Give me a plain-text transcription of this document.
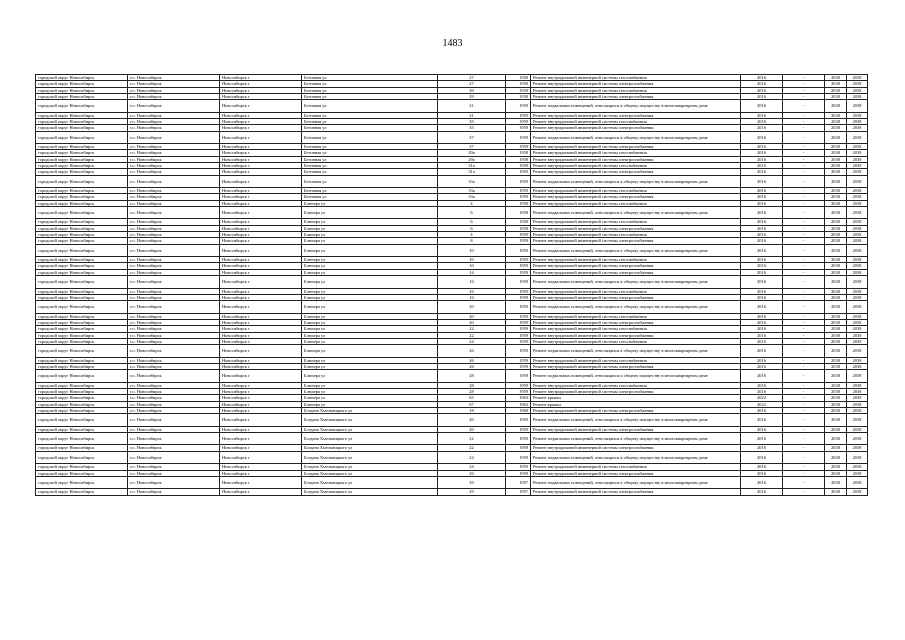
1483
городской округ Новосибирск	г.о. Новосибирск	Новосибирск г	Бетонная ул	27	1958	Ремонт внутридомовой инженерной системы газоснабжения	2016	-	2038	2038
городской округ Новосибирск	г.о. Новосибирск	Новосибирск г	Бетонная ул	27	1958	Ремонт внутридомовой инженерной системы электроснабжения	2016	-	2038	2038
городской округ Новосибирск	г.о. Новосибирск	Новосибирск г	Бетонная ул	29	1958	Ремонт внутридомовой инженерной системы газоснабжения	2016	-	2038	2038
городской округ Новосибирск	г.о. Новосибирск	Новосибирск г	Бетонная ул	29	1958	Ремонт внутридомовой инженерной системы электроснабжения	2016	-	2038	2038
городской округ Новосибирск	г.о. Новосибирск	Новосибирск г	Бетонная ул	31	1959	Ремонт подвальных помещений, относящихся к общему имуществу в многоквартирном доме	2016	-	2038	2038
городской округ Новосибирск	г.о. Новосибирск	Новосибирск г	Бетонная ул	31	1959	Ремонт внутридомовой инженерной системы электроснабжения	2016	-	2038	2038
городской округ Новосибирск	г.о. Новосибирск	Новосибирск г	Бетонная ул	35	1959	Ремонт внутридомовой инженерной системы газоснабжения	2016	-	2038	2038
городской округ Новосибирск	г.о. Новосибирск	Новосибирск г	Бетонная ул	35	1959	Ремонт внутридомовой инженерной системы электроснабжения	2016	-	2038	2038
городской округ Новосибирск	г.о. Новосибирск	Новосибирск г	Бетонная ул	37	1959	Ремонт подвальных помещений, относящихся к общему имуществу в многоквартирном доме	2016	-	2038	2038
городской округ Новосибирск	г.о. Новосибирск	Новосибирск г	Бетонная ул	37	1959	Ремонт внутридомовой инженерной системы электроснабжения	2016	-	2038	2038
городской округ Новосибирск	г.о. Новосибирск	Новосибирск г	Бетонная ул	29а	1958	Ремонт внутридомовой инженерной системы газоснабжения	2016	-	2038	2038
городской округ Новосибирск	г.о. Новосибирск	Новосибирск г	Бетонная ул	29а	1958	Ремонт внутридомовой инженерной системы электроснабжения	2016	-	2038	2038
городской округ Новосибирск	г.о. Новосибирск	Новосибирск г	Бетонная ул	31а	1959	Ремонт внутридомовой инженерной системы газоснабжения	2016	-	2038	2038
городской округ Новосибирск	г.о. Новосибирск	Новосибирск г	Бетонная ул	31а	1959	Ремонт внутридомовой инженерной системы электроснабжения	2016	-	2038	2038
городской округ Новосибирск	г.о. Новосибирск	Новосибирск г	Бетонная ул	33а	1959	Ремонт подвальных помещений, относящихся к общему имуществу в многоквартирном доме	2016	-	2038	2038
городской округ Новосибирск	г.о. Новосибирск	Новосибирск г	Бетонная ул	33а	1959	Ремонт внутридомовой инженерной системы газоснабжения	2016	-	2038	2038
городской округ Новосибирск	г.о. Новосибирск	Новосибирск г	Бетонная ул	33а	1959	Ремонт внутридомовой инженерной системы электроснабжения	2016	-	2038	2038
городской округ Новосибирск	г.о. Новосибирск	Новосибирск г	Блюхера ул	4	1958	Ремонт внутридомовой инженерной системы газоснабжения	2016	-	2038	2038
городской округ Новосибирск	г.о. Новосибирск	Новосибирск г	Блюхера ул	6	1958	Ремонт подвальных помещений, относящихся к общему имуществу в многоквартирном доме	2016	-	2038	2038
городской округ Новосибирск	г.о. Новосибирск	Новосибирск г	Блюхера ул	6	1958	Ремонт внутридомовой инженерной системы газоснабжения	2016	-	2038	2038
городской округ Новосибирск	г.о. Новосибирск	Новосибирск г	Блюхера ул	6	1958	Ремонт внутридомовой инженерной системы электроснабжения	2016	-	2038	2038
городской округ Новосибирск	г.о. Новосибирск	Новосибирск г	Блюхера ул	4	1959	Ремонт внутридомовой инженерной системы газоснабжения	2016	-	2038	2038
городской округ Новосибирск	г.о. Новосибирск	Новосибирск г	Блюхера ул	8	1959	Ремонт внутридомовой инженерной системы электроснабжения	2016	-	2038	2038
городской округ Новосибирск	г.о. Новосибирск	Новосибирск г	Блюхера ул	10	1959	Ремонт подвальных помещений, относящихся к общему имуществу в многоквартирном доме	2016	-	2038	2038
городской округ Новосибирск	г.о. Новосибирск	Новосибирск г	Блюхера ул	10	1959	Ремонт внутридомовой инженерной системы газоснабжения	2016	-	2038	2038
городской округ Новосибирск	г.о. Новосибирск	Новосибирск г	Блюхера ул	10	1959	Ремонт внутридомовой инженерной системы электроснабжения	2016	-	2038	2038
городской округ Новосибирск	г.о. Новосибирск	Новосибирск г	Блюхера ул	14	1959	Ремонт внутридомовой инженерной системы электроснабжения	2016	-	2038	2038
городской округ Новосибирск	г.о. Новосибирск	Новосибирск г	Блюхера ул	16	1959	Ремонт подвальных помещений, относящихся к общему имуществу в многоквартирном доме	2016	-	2038	2038
городской округ Новосибирск	г.о. Новосибирск	Новосибирск г	Блюхера ул	16	1959	Ремонт внутридомовой инженерной системы газоснабжения	2016	-	2038	2038
городской округ Новосибирск	г.о. Новосибирск	Новосибирск г	Блюхера ул	16	1959	Ремонт внутридомовой инженерной системы электроснабжения	2016	-	2038	2038
городской округ Новосибирск	г.о. Новосибирск	Новосибирск г	Блюхера ул	20	1959	Ремонт подвальных помещений, относящихся к общему имуществу в многоквартирном доме	2016	-	2038	2038
городской округ Новосибирск	г.о. Новосибирск	Новосибирск г	Блюхера ул	20	1959	Ремонт внутридомовой инженерной системы газоснабжения	2016	-	2038	2038
городской округ Новосибирск	г.о. Новосибирск	Новосибирск г	Блюхера ул	20	1959	Ремонт внутридомовой инженерной системы электроснабжения	2016	-	2038	2038
городской округ Новосибирск	г.о. Новосибирск	Новосибирск г	Блюхера ул	22	1959	Ремонт внутридомовой инженерной системы газоснабжения	2016	-	2038	2038
городской округ Новосибирск	г.о. Новосибирск	Новосибирск г	Блюхера ул	22	1959	Ремонт внутридомовой инженерной системы электроснабжения	2016	-	2038	2038
городской округ Новосибирск	г.о. Новосибирск	Новосибирск г	Блюхера ул	24	1959	Ремонт внутридомовой инженерной системы газоснабжения	2016	-	2038	2038
городской округ Новосибирск	г.о. Новосибирск	Новосибирск г	Блюхера ул	26	1959	Ремонт подвальных помещений, относящихся к общему имуществу в многоквартирном доме	2016	-	2038	2038
городской округ Новосибирск	г.о. Новосибирск	Новосибирск г	Блюхера ул	26	1959	Ремонт внутридомовой инженерной системы газоснабжения	2016	-	2038	2038
городской округ Новосибирск	г.о. Новосибирск	Новосибирск г	Блюхера ул	26	1959	Ремонт внутридомовой инженерной системы электроснабжения	2016	-	2038	2038
городской округ Новосибирск	г.о. Новосибирск	Новосибирск г	Блюхера ул	28	1959	Ремонт подвальных помещений, относящихся к общему имуществу в многоквартирном доме	2016	-	2038	2038
городской округ Новосибирск	г.о. Новосибирск	Новосибирск г	Блюхера ул	28	1959	Ремонт внутридомовой инженерной системы газоснабжения	2016	-	2038	2038
городской округ Новосибирск	г.о. Новосибирск	Новосибирск г	Блюхера ул	28	1959	Ремонт внутридомовой инженерной системы электроснабжения	2016	-	2038	2038
городской округ Новосибирск	г.о. Новосибирск	Новосибирск г	Блюхера ул	65	1963	Ремонт крыши	2022	-	2038	2038
городской округ Новосибирск	г.о. Новосибирск	Новосибирск г	Блюхера ул	67	1963	Ремонт крыши	2022	-	2038	2038
городской округ Новосибирск	г.о. Новосибирск	Новосибирск г	Богдана Хмельницкого ул	18	1960	Ремонт внутридомовой инженерной системы электроснабжения	2016	-	2038	2038
городской округ Новосибирск	г.о. Новосибирск	Новосибирск г	Богдана Хмельницкого ул	20	1959	Ремонт подвальных помещений, относящихся к общему имуществу в многоквартирном доме	2016	-	2038	2038
городской округ Новосибирск	г.о. Новосибирск	Новосибирск г	Богдана Хмельницкого ул	20	1959	Ремонт внутридомовой инженерной системы электроснабжения	2016	-	2038	2038
городской округ Новосибирск	г.о. Новосибирск	Новосибирск г	Богдана Хмельницкого ул	22	1959	Ремонт подвальных помещений, относящихся к общему имуществу в многоквартирном доме	2016	-	2038	2038
городской округ Новосибирск	г.о. Новосибирск	Новосибирск г	Богдана Хмельницкого ул	22	1959	Ремонт внутридомовой инженерной системы электроснабжения	2016	-	2038	2038
городской округ Новосибирск	г.о. Новосибирск	Новосибирск г	Богдана Хмельницкого ул	24	1959	Ремонт подвальных помещений, относящихся к общему имуществу в многоквартирном доме	2016	-	2038	2038
городской округ Новосибирск	г.о. Новосибирск	Новосибирск г	Богдана Хмельницкого ул	24	1959	Ремонт внутридомовой инженерной системы газоснабжения	2016	-	2038	2038
городской округ Новосибирск	г.о. Новосибирск	Новосибирск г	Богдана Хмельницкого ул	26	1959	Ремонт внутридомовой инженерной системы электроснабжения	2016	-	2038	2038
городской округ Новосибирск	г.о. Новосибирск	Новосибирск г	Богдана Хмельницкого ул	29	1957	Ремонт подвальных помещений, относящихся к общему имуществу в многоквартирном доме	2016	-	2038	2038
городской округ Новосибирск	г.о. Новосибирск	Новосибирск г	Богдана Хмельницкого ул	29	1957	Ремонт внутридомовой инженерной системы электроснабжения	2016	-	2038	2038
